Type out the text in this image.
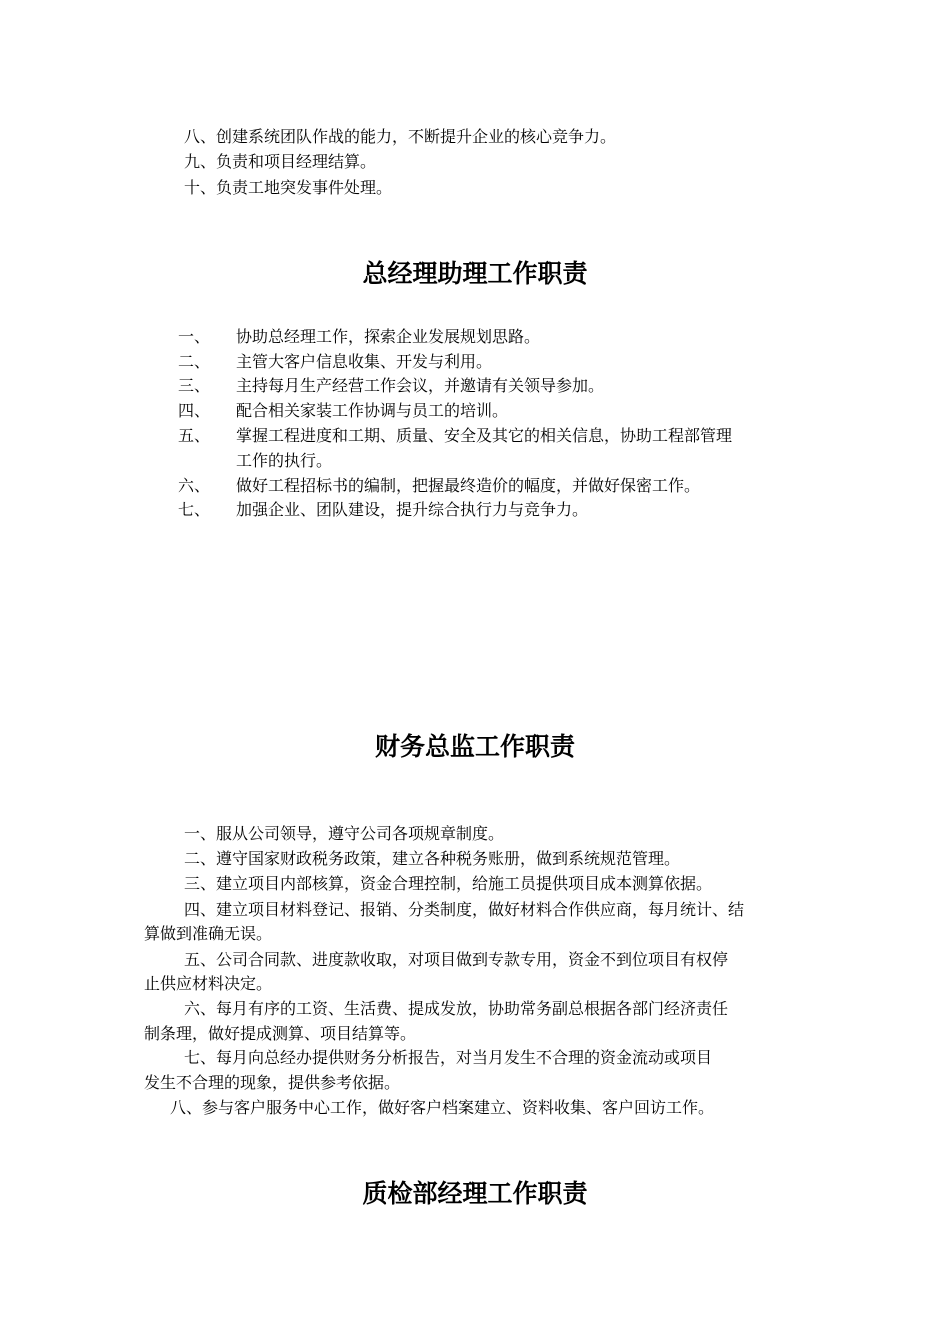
八、创建系统团队作战的能力，不断提升企业的核心竞争力。
九、负责和项目经理结算。
十、负责工地突发事件处理。
总经理助理工作职责
一、 协助总经理工作，探索企业发展规划思路。
二、 主管大客户信息收集、开发与利用。
三、 主持每月生产经营工作会议，并邀请有关领导参加。
四、 配合相关家装工作协调与员工的培训。
五、 掌握工程进度和工期、质量、安全及其它的相关信息，协助工程部管理
工作的执行。
六、 做好工程招标书的编制，把握最终造价的幅度，并做好保密工作。
七、 加强企业、团队建设，提升综合执行力与竞争力。
财务总监工作职责
一、服从公司领导，遵守公司各项规章制度。
二、遵守国家财政税务政策，建立各种税务账册，做到系统规范管理。
三、建立项目内部核算，资金合理控制，给施工员提供项目成本测算依据。
四、建立项目材料登记、报销、分类制度，做好材料合作供应商，每月统计、结
算做到准确无误。
五、公司合同款、进度款收取，对项目做到专款专用，资金不到位项目有权停
止供应材料决定。
六、每月有序的工资、生活费、提成发放，协助常务副总根据各部门经济责任
制条理，做好提成测算、项目结算等。
七、每月向总经办提供财务分析报告，对当月发生不合理的资金流动或项目
发生不合理的现象，提供参考依据。
八、参与客户服务中心工作，做好客户档案建立、资料收集、客户回访工作。
质检部经理工作职责
